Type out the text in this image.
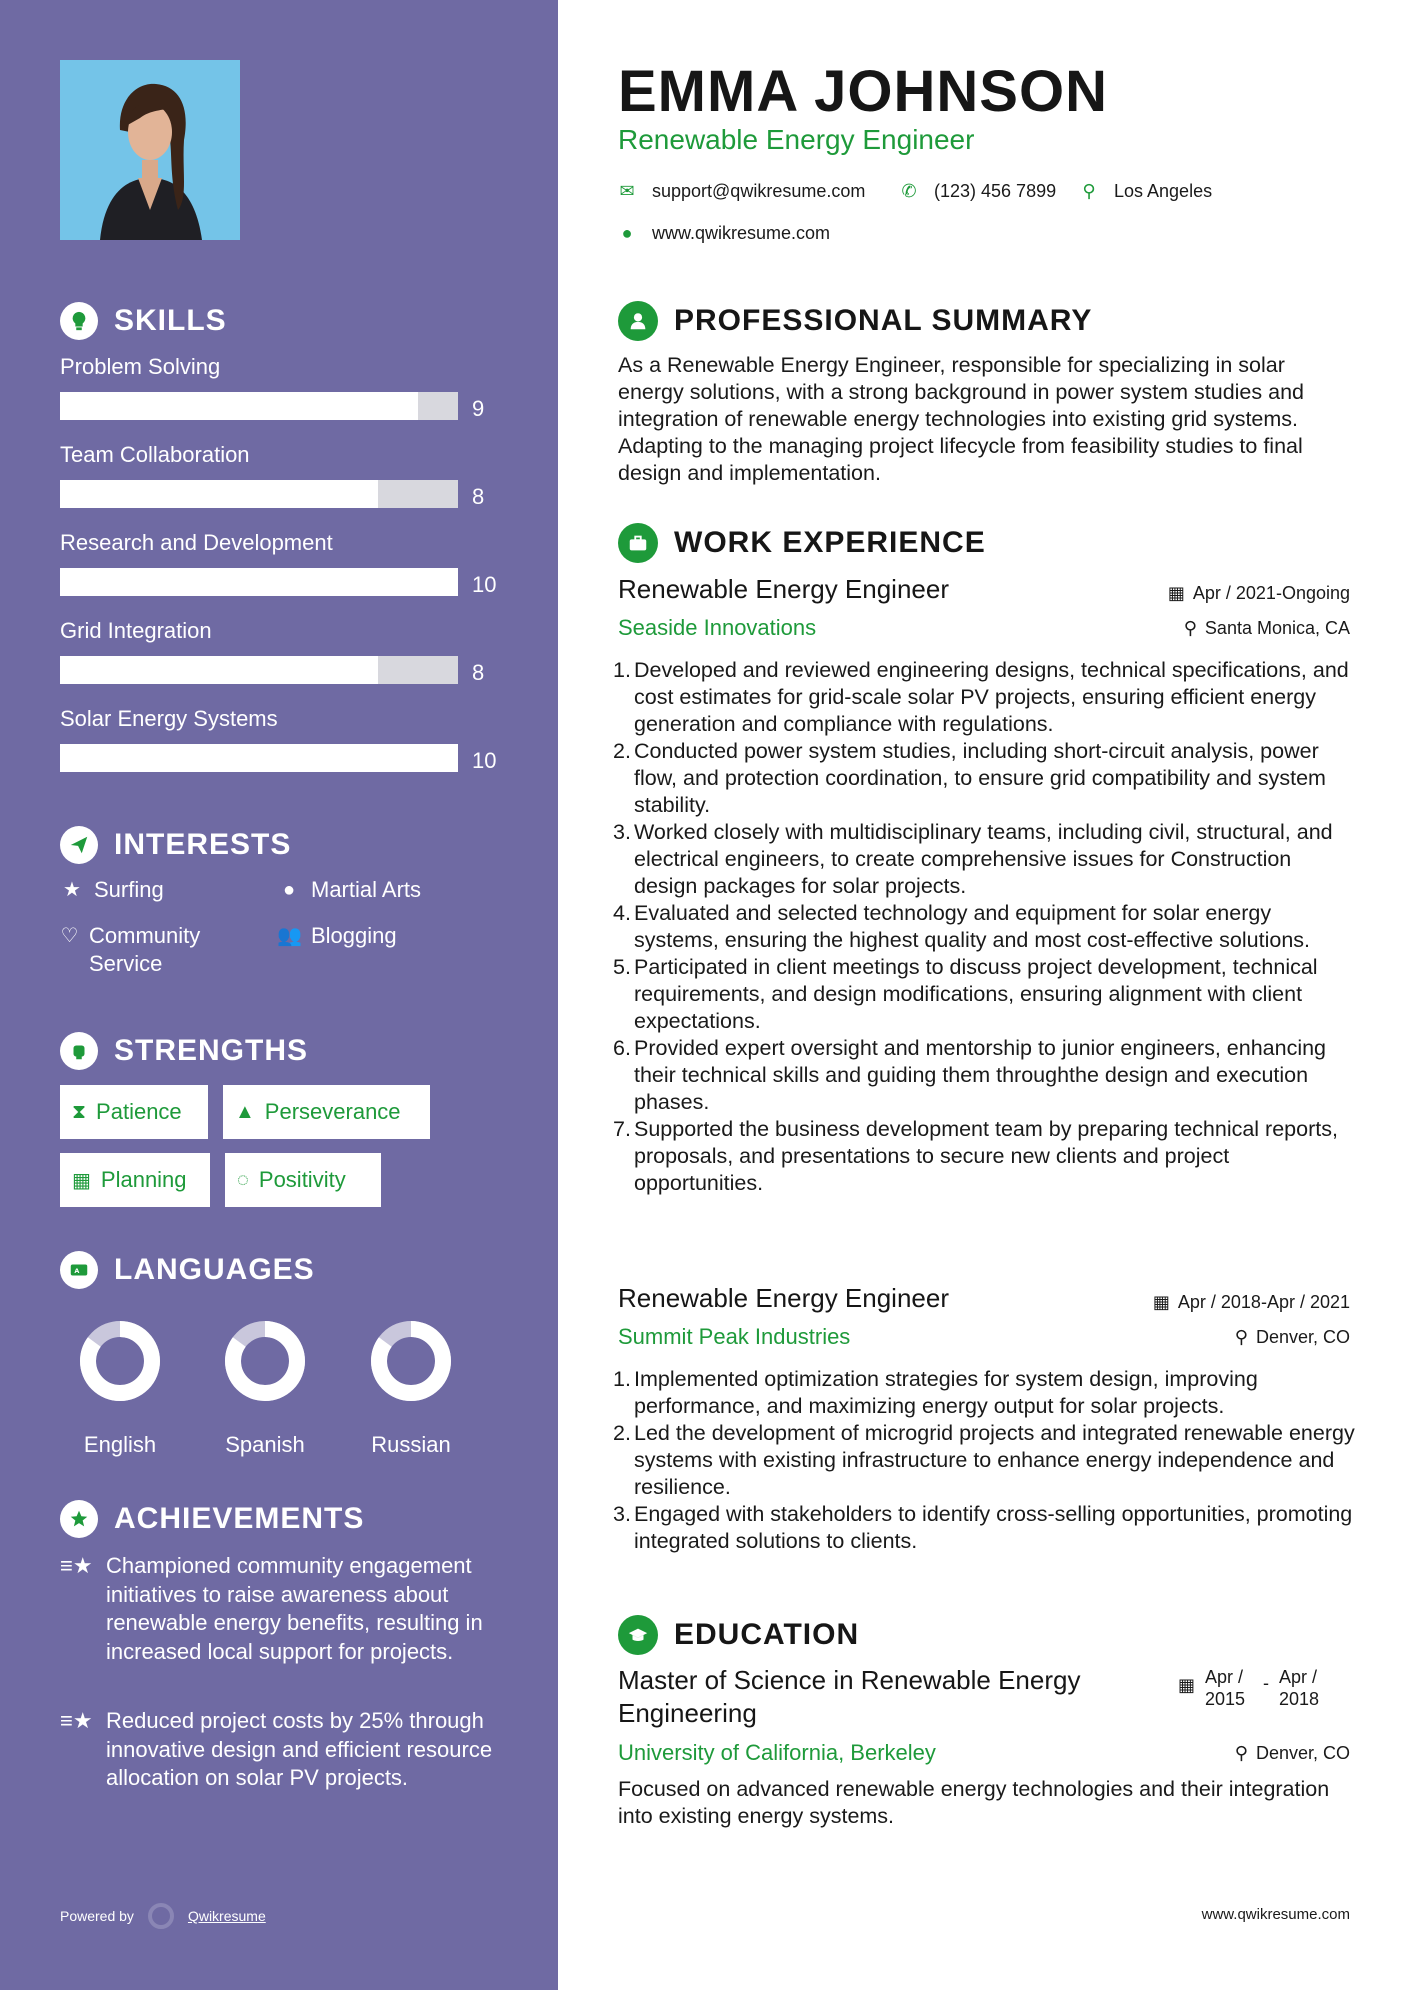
SKILLS
Problem Solving
9
Team Collaboration
8
Research and Development
10
Grid Integration
8
Solar Energy Systems
10
INTERESTS
★ Surfing	● Martial Arts
♡ Community Service
👥 Blogging
STRENGTHS
⧗ Patience	▲ Perseverance
▦ Planning	◌ Positivity
A LANGUAGES
English	Spanish	Russian
ACHIEVEMENTS
≡★ Championed community engagement initiatives to raise awareness about renewable energy benefits, resulting in increased local support for projects.
≡★ Reduced project costs by 25% through innovative design and efficient resource allocation on solar PV projects.
Powered by	Qwikresume
EMMA JOHNSON
Renewable Energy Engineer
✉ support@qwikresume.com ✆ (123) 456 7899 ⚲ Los Angeles
● www.qwikresume.com
PROFESSIONAL SUMMARY
As a Renewable Energy Engineer, responsible for specializing in solar energy solutions, with a strong background in power system studies and integration of renewable energy technologies into existing grid systems. Adapting to the managing project lifecycle from feasibility studies to final design and implementation.
WORK EXPERIENCE
Renewable Energy Engineer	▦ Apr / 2021-Ongoing
Seaside Innovations	⚲ Santa Monica, CA
1. Developed and reviewed engineering designs, technical specifications, and cost estimates for grid-scale solar PV projects, ensuring efficient energy generation and compliance with regulations.
2. Conducted power system studies, including short-circuit analysis, power flow, and protection coordination, to ensure grid compatibility and system stability.
3. Worked closely with multidisciplinary teams, including civil, structural, and electrical engineers, to create comprehensive issues for Construction design packages for solar projects.
4. Evaluated and selected technology and equipment for solar energy systems, ensuring the highest quality and most cost-effective solutions.
5. Participated in client meetings to discuss project development, technical requirements, and design modifications, ensuring alignment with client expectations.
6. Provided expert oversight and mentorship to junior engineers, enhancing their technical skills and guiding them throughthe design and execution phases.
7. Supported the business development team by preparing technical reports, proposals, and presentations to secure new clients and project opportunities.
Renewable Energy Engineer	▦ Apr / 2018-Apr / 2021
Summit Peak Industries	⚲ Denver, CO
1. Implemented optimization strategies for system design, improving performance, and maximizing energy output for solar projects.
2. Led the development of microgrid projects and integrated renewable energy systems with existing infrastructure to enhance energy independence and resilience.
3. Engaged with stakeholders to identify cross-selling opportunities, promoting integrated solutions to clients.
EDUCATION
Master of Science in Renewable Energy Engineering
▦ Apr / 2015
- Apr / 2018
University of California, Berkeley	⚲ Denver, CO
Focused on advanced renewable energy technologies and their integration into existing energy systems.
www.qwikresume.com
